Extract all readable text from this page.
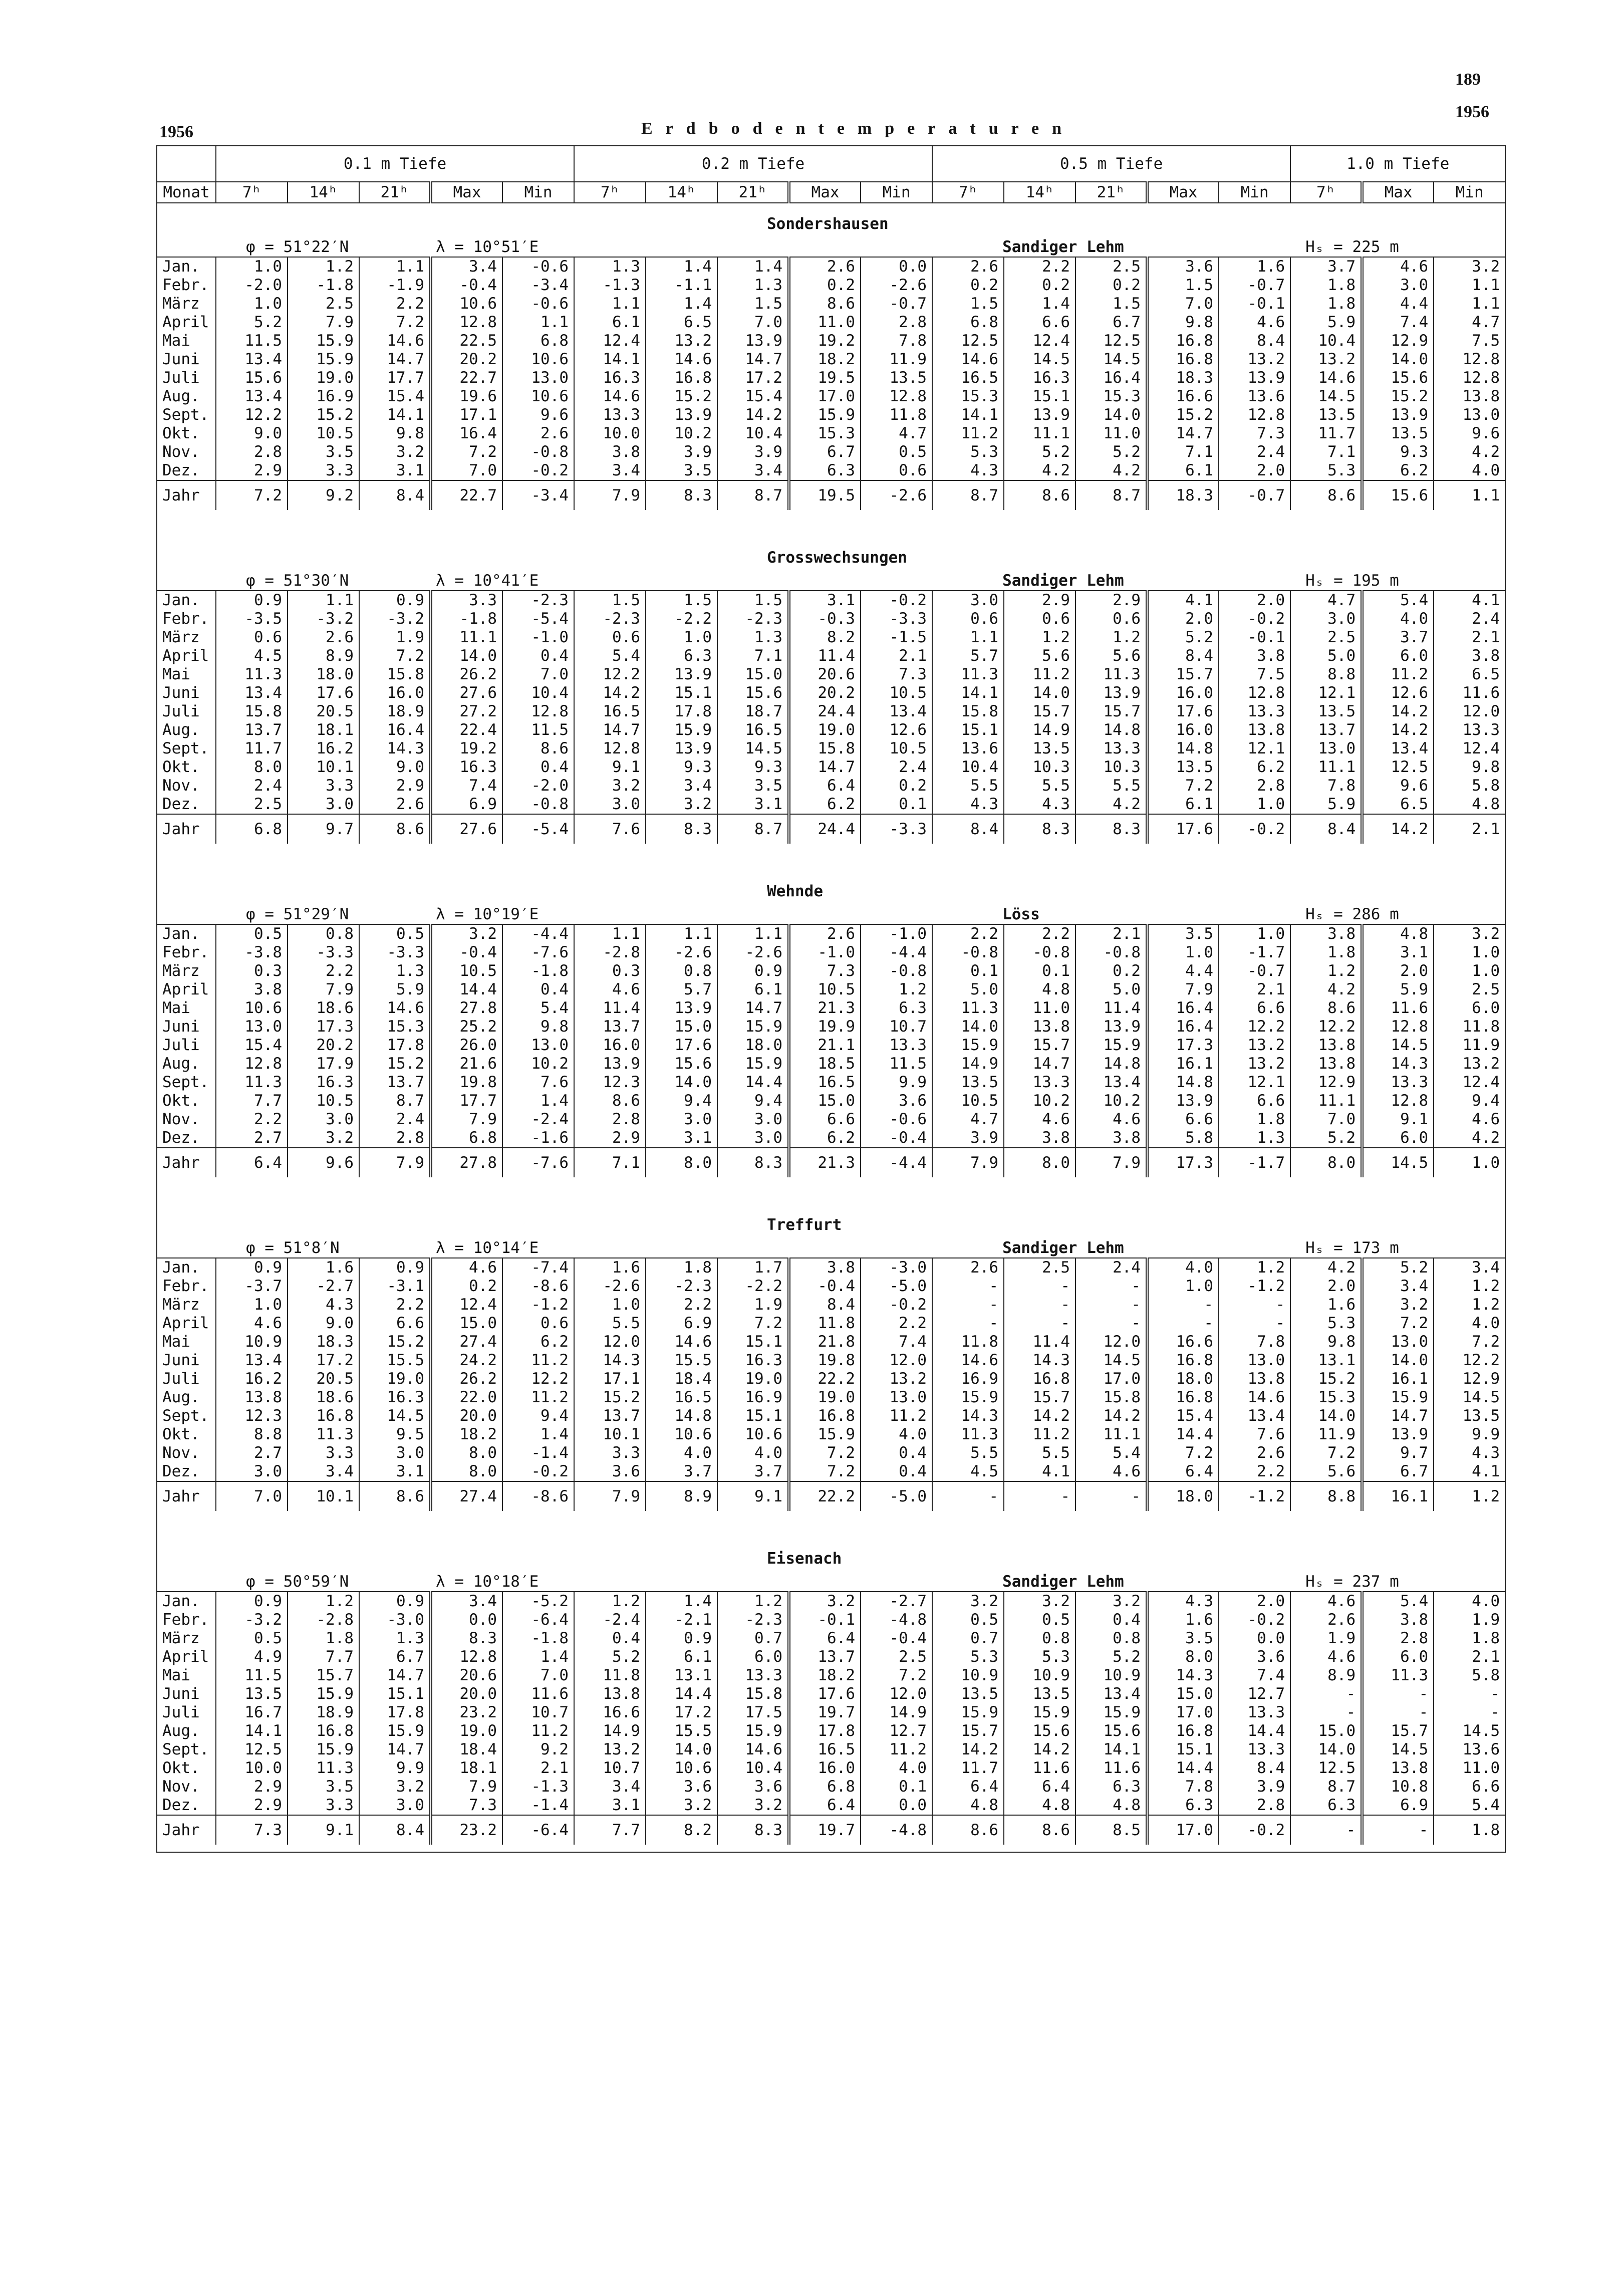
189
1956
1956	Erdbodentemperaturen
	0.1 m Tiefe					0.2 m Tiefe					0.5 m Tiefe					1.0 m Tiefe		
Monat	7ʰ	14ʰ	21ʰ	Max	Min	7ʰ	14ʰ	21ʰ	Max	Min	7ʰ	14ʰ	21ʰ	Max	Min	7ʰ	Max	Min
	Sondershausen																	
	φ = 51°22′N			λ = 10°51′E							Sandiger Lehm					Hₛ = 225 m		
Jan.	1.0	1.2	1.1	3.4	-0.6	1.3	1.4	1.4	2.6	0.0	2.6	2.2	2.5	3.6	1.6	3.7	4.6	3.2
Febr.	-2.0	-1.8	-1.9	-0.4	-3.4	-1.3	-1.1	1.3	0.2	-2.6	0.2	0.2	0.2	1.5	-0.7	1.8	3.0	1.1
März	1.0	2.5	2.2	10.6	-0.6	1.1	1.4	1.5	8.6	-0.7	1.5	1.4	1.5	7.0	-0.1	1.8	4.4	1.1
April	5.2	7.9	7.2	12.8	1.1	6.1	6.5	7.0	11.0	2.8	6.8	6.6	6.7	9.8	4.6	5.9	7.4	4.7
Mai	11.5	15.9	14.6	22.5	6.8	12.4	13.2	13.9	19.2	7.8	12.5	12.4	12.5	16.8	8.4	10.4	12.9	7.5
Juni	13.4	15.9	14.7	20.2	10.6	14.1	14.6	14.7	18.2	11.9	14.6	14.5	14.5	16.8	13.2	13.2	14.0	12.8
Juli	15.6	19.0	17.7	22.7	13.0	16.3	16.8	17.2	19.5	13.5	16.5	16.3	16.4	18.3	13.9	14.6	15.6	12.8
Aug.	13.4	16.9	15.4	19.6	10.6	14.6	15.2	15.4	17.0	12.8	15.3	15.1	15.3	16.6	13.6	14.5	15.2	13.8
Sept.	12.2	15.2	14.1	17.1	9.6	13.3	13.9	14.2	15.9	11.8	14.1	13.9	14.0	15.2	12.8	13.5	13.9	13.0
Okt.	9.0	10.5	9.8	16.4	2.6	10.0	10.2	10.4	15.3	4.7	11.2	11.1	11.0	14.7	7.3	11.7	13.5	9.6
Nov.	2.8	3.5	3.2	7.2	-0.8	3.8	3.9	3.9	6.7	0.5	5.3	5.2	5.2	7.1	2.4	7.1	9.3	4.2
Dez.	2.9	3.3	3.1	7.0	-0.2	3.4	3.5	3.4	6.3	0.6	4.3	4.2	4.2	6.1	2.0	5.3	6.2	4.0
Jahr	7.2	9.2	8.4	22.7	-3.4	7.9	8.3	8.7	19.5	-2.6	8.7	8.6	8.7	18.3	-0.7	8.6	15.6	1.1

	Grosswechsungen																	
	φ = 51°30′N			λ = 10°41′E							Sandiger Lehm					Hₛ = 195 m		
Jan.	0.9	1.1	0.9	3.3	-2.3	1.5	1.5	1.5	3.1	-0.2	3.0	2.9	2.9	4.1	2.0	4.7	5.4	4.1
Febr.	-3.5	-3.2	-3.2	-1.8	-5.4	-2.3	-2.2	-2.3	-0.3	-3.3	0.6	0.6	0.6	2.0	-0.2	3.0	4.0	2.4
März	0.6	2.6	1.9	11.1	-1.0	0.6	1.0	1.3	8.2	-1.5	1.1	1.2	1.2	5.2	-0.1	2.5	3.7	2.1
April	4.5	8.9	7.2	14.0	0.4	5.4	6.3	7.1	11.4	2.1	5.7	5.6	5.6	8.4	3.8	5.0	6.0	3.8
Mai	11.3	18.0	15.8	26.2	7.0	12.2	13.9	15.0	20.6	7.3	11.3	11.2	11.3	15.7	7.5	8.8	11.2	6.5
Juni	13.4	17.6	16.0	27.6	10.4	14.2	15.1	15.6	20.2	10.5	14.1	14.0	13.9	16.0	12.8	12.1	12.6	11.6
Juli	15.8	20.5	18.9	27.2	12.8	16.5	17.8	18.7	24.4	13.4	15.8	15.7	15.7	17.6	13.3	13.5	14.2	12.0
Aug.	13.7	18.1	16.4	22.4	11.5	14.7	15.9	16.5	19.0	12.6	15.1	14.9	14.8	16.0	13.8	13.7	14.2	13.3
Sept.	11.7	16.2	14.3	19.2	8.6	12.8	13.9	14.5	15.8	10.5	13.6	13.5	13.3	14.8	12.1	13.0	13.4	12.4
Okt.	8.0	10.1	9.0	16.3	0.4	9.1	9.3	9.3	14.7	2.4	10.4	10.3	10.3	13.5	6.2	11.1	12.5	9.8
Nov.	2.4	3.3	2.9	7.4	-2.0	3.2	3.4	3.5	6.4	0.2	5.5	5.5	5.5	7.2	2.8	7.8	9.6	5.8
Dez.	2.5	3.0	2.6	6.9	-0.8	3.0	3.2	3.1	6.2	0.1	4.3	4.3	4.2	6.1	1.0	5.9	6.5	4.8
Jahr	6.8	9.7	8.6	27.6	-5.4	7.6	8.3	8.7	24.4	-3.3	8.4	8.3	8.3	17.6	-0.2	8.4	14.2	2.1

	Wehnde																	
	φ = 51°29′N			λ = 10°19′E							Löss					Hₛ = 286 m		
Jan.	0.5	0.8	0.5	3.2	-4.4	1.1	1.1	1.1	2.6	-1.0	2.2	2.2	2.1	3.5	1.0	3.8	4.8	3.2
Febr.	-3.8	-3.3	-3.3	-0.4	-7.6	-2.8	-2.6	-2.6	-1.0	-4.4	-0.8	-0.8	-0.8	1.0	-1.7	1.8	3.1	1.0
März	0.3	2.2	1.3	10.5	-1.8	0.3	0.8	0.9	7.3	-0.8	0.1	0.1	0.2	4.4	-0.7	1.2	2.0	1.0
April	3.8	7.9	5.9	14.4	0.4	4.6	5.7	6.1	10.5	1.2	5.0	4.8	5.0	7.9	2.1	4.2	5.9	2.5
Mai	10.6	18.6	14.6	27.8	5.4	11.4	13.9	14.7	21.3	6.3	11.3	11.0	11.4	16.4	6.6	8.6	11.6	6.0
Juni	13.0	17.3	15.3	25.2	9.8	13.7	15.0	15.9	19.9	10.7	14.0	13.8	13.9	16.4	12.2	12.2	12.8	11.8
Juli	15.4	20.2	17.8	26.0	13.0	16.0	17.6	18.0	21.1	13.3	15.9	15.7	15.9	17.3	13.2	13.8	14.5	11.9
Aug.	12.8	17.9	15.2	21.6	10.2	13.9	15.6	15.9	18.5	11.5	14.9	14.7	14.8	16.1	13.2	13.8	14.3	13.2
Sept.	11.3	16.3	13.7	19.8	7.6	12.3	14.0	14.4	16.5	9.9	13.5	13.3	13.4	14.8	12.1	12.9	13.3	12.4
Okt.	7.7	10.5	8.7	17.7	1.4	8.6	9.4	9.4	15.0	3.6	10.5	10.2	10.2	13.9	6.6	11.1	12.8	9.4
Nov.	2.2	3.0	2.4	7.9	-2.4	2.8	3.0	3.0	6.6	-0.6	4.7	4.6	4.6	6.6	1.8	7.0	9.1	4.6
Dez.	2.7	3.2	2.8	6.8	-1.6	2.9	3.1	3.0	6.2	-0.4	3.9	3.8	3.8	5.8	1.3	5.2	6.0	4.2
Jahr	6.4	9.6	7.9	27.8	-7.6	7.1	8.0	8.3	21.3	-4.4	7.9	8.0	7.9	17.3	-1.7	8.0	14.5	1.0

	Treffurt																	
	φ = 51°8′N			λ = 10°14′E							Sandiger Lehm					Hₛ = 173 m		
Jan.	0.9	1.6	0.9	4.6	-7.4	1.6	1.8	1.7	3.8	-3.0	2.6	2.5	2.4	4.0	1.2	4.2	5.2	3.4
Febr.	-3.7	-2.7	-3.1	0.2	-8.6	-2.6	-2.3	-2.2	-0.4	-5.0	-	-	-	1.0	-1.2	2.0	3.4	1.2
März	1.0	4.3	2.2	12.4	-1.2	1.0	2.2	1.9	8.4	-0.2	-	-	-	-	-	1.6	3.2	1.2
April	4.6	9.0	6.6	15.0	0.6	5.5	6.9	7.2	11.8	2.2	-	-	-	-	-	5.3	7.2	4.0
Mai	10.9	18.3	15.2	27.4	6.2	12.0	14.6	15.1	21.8	7.4	11.8	11.4	12.0	16.6	7.8	9.8	13.0	7.2
Juni	13.4	17.2	15.5	24.2	11.2	14.3	15.5	16.3	19.8	12.0	14.6	14.3	14.5	16.8	13.0	13.1	14.0	12.2
Juli	16.2	20.5	19.0	26.2	12.2	17.1	18.4	19.0	22.2	13.2	16.9	16.8	17.0	18.0	13.8	15.2	16.1	12.9
Aug.	13.8	18.6	16.3	22.0	11.2	15.2	16.5	16.9	19.0	13.0	15.9	15.7	15.8	16.8	14.6	15.3	15.9	14.5
Sept.	12.3	16.8	14.5	20.0	9.4	13.7	14.8	15.1	16.8	11.2	14.3	14.2	14.2	15.4	13.4	14.0	14.7	13.5
Okt.	8.8	11.3	9.5	18.2	1.4	10.1	10.6	10.6	15.9	4.0	11.3	11.2	11.1	14.4	7.6	11.9	13.9	9.9
Nov.	2.7	3.3	3.0	8.0	-1.4	3.3	4.0	4.0	7.2	0.4	5.5	5.5	5.4	7.2	2.6	7.2	9.7	4.3
Dez.	3.0	3.4	3.1	8.0	-0.2	3.6	3.7	3.7	7.2	0.4	4.5	4.1	4.6	6.4	2.2	5.6	6.7	4.1
Jahr	7.0	10.1	8.6	27.4	-8.6	7.9	8.9	9.1	22.2	-5.0	-	-	-	18.0	-1.2	8.8	16.1	1.2

	Eisenach																	
	φ = 50°59′N			λ = 10°18′E							Sandiger Lehm					Hₛ = 237 m		
Jan.	0.9	1.2	0.9	3.4	-5.2	1.2	1.4	1.2	3.2	-2.7	3.2	3.2	3.2	4.3	2.0	4.6	5.4	4.0
Febr.	-3.2	-2.8	-3.0	0.0	-6.4	-2.4	-2.1	-2.3	-0.1	-4.8	0.5	0.5	0.4	1.6	-0.2	2.6	3.8	1.9
März	0.5	1.8	1.3	8.3	-1.8	0.4	0.9	0.7	6.4	-0.4	0.7	0.8	0.8	3.5	0.0	1.9	2.8	1.8
April	4.9	7.7	6.7	12.8	1.4	5.2	6.1	6.0	13.7	2.5	5.3	5.3	5.2	8.0	3.6	4.6	6.0	2.1
Mai	11.5	15.7	14.7	20.6	7.0	11.8	13.1	13.3	18.2	7.2	10.9	10.9	10.9	14.3	7.4	8.9	11.3	5.8
Juni	13.5	15.9	15.1	20.0	11.6	13.8	14.4	15.8	17.6	12.0	13.5	13.5	13.4	15.0	12.7	-	-	-
Juli	16.7	18.9	17.8	23.2	10.7	16.6	17.2	17.5	19.7	14.9	15.9	15.9	15.9	17.0	13.3	-	-	-
Aug.	14.1	16.8	15.9	19.0	11.2	14.9	15.5	15.9	17.8	12.7	15.7	15.6	15.6	16.8	14.4	15.0	15.7	14.5
Sept.	12.5	15.9	14.7	18.4	9.2	13.2	14.0	14.6	16.5	11.2	14.2	14.2	14.1	15.1	13.3	14.0	14.5	13.6
Okt.	10.0	11.3	9.9	18.1	2.1	10.7	10.6	10.4	16.0	4.0	11.7	11.6	11.6	14.4	8.4	12.5	13.8	11.0
Nov.	2.9	3.5	3.2	7.9	-1.3	3.4	3.6	3.6	6.8	0.1	6.4	6.4	6.3	7.8	3.9	8.7	10.8	6.6
Dez.	2.9	3.3	3.0	7.3	-1.4	3.1	3.2	3.2	6.4	0.0	4.8	4.8	4.8	6.3	2.8	6.3	6.9	5.4
Jahr	7.3	9.1	8.4	23.2	-6.4	7.7	8.2	8.3	19.7	-4.8	8.6	8.6	8.5	17.0	-0.2	-	-	1.8
